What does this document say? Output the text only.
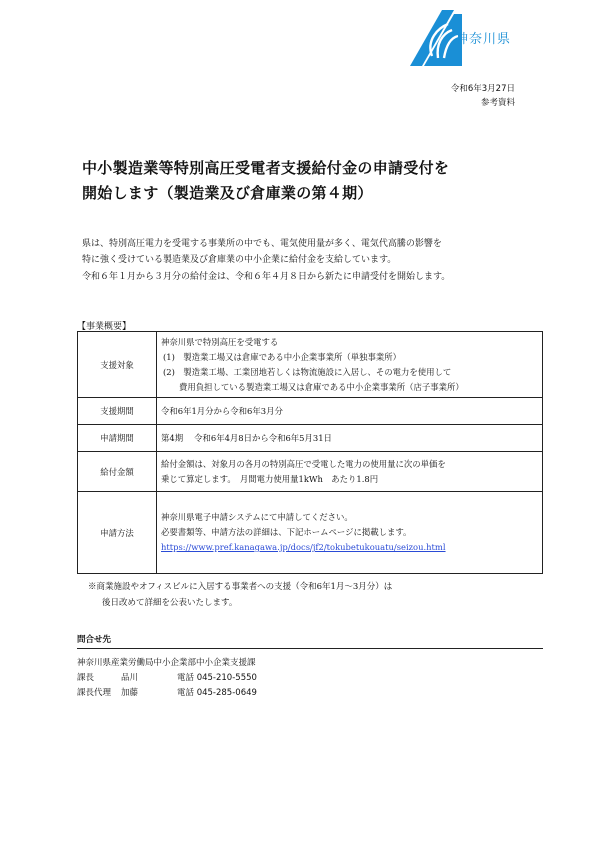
神奈川県
令和6年3月27日
参考資料
中小製造業等特別高圧受電者支援給付金の申請受付を
開始します（製造業及び倉庫業の第４期）
県は、特別高圧電力を受電する事業所の中でも、電気使用量が多く、電気代高騰の影響を
特に強く受けている製造業及び倉庫業の中小企業に給付金を支給しています。
令和６年１月から３月分の給付金は、令和６年４月８日から新たに申請受付を開始します。
【事業概要】
支援対象	神奈川県で特別高圧を受電する
(1)　製造業工場又は倉庫である中小企業事業所（単独事業所）
(2)　製造業工場、工業団地若しくは物流施設に入居し、その電力を使用して
費用負担している製造業工場又は倉庫である中小企業事業所（店子事業所）

支援期間	令和6年1月分から令和6年3月分

申請期間	第4期　 令和6年4月8日から令和6年5月31日

給付金額	給付金額は、対象月の各月の特別高圧で受電した電力の使用量に次の単価を
乗じて算定します。　月間電力使用量1kWh　あたり1.8円

申請方法	神奈川県電子申請システムにて申請してください。
必要書類等、申請方法の詳細は、下記ホームページに掲載します。
https://www.pref.kanagawa.jp/docs/jf2/tokubetukouatu/seizou.html
※商業施設やオフィスビルに入居する事業者への支援（令和6年1月～3月分）は
後日改めて詳細を公表いたします。
問合せ先
神奈川県産業労働局中小企業部中小企業支援課
課長	品川	電話 045-210-5550
課長代理 加藤	電話 045-285-0649
